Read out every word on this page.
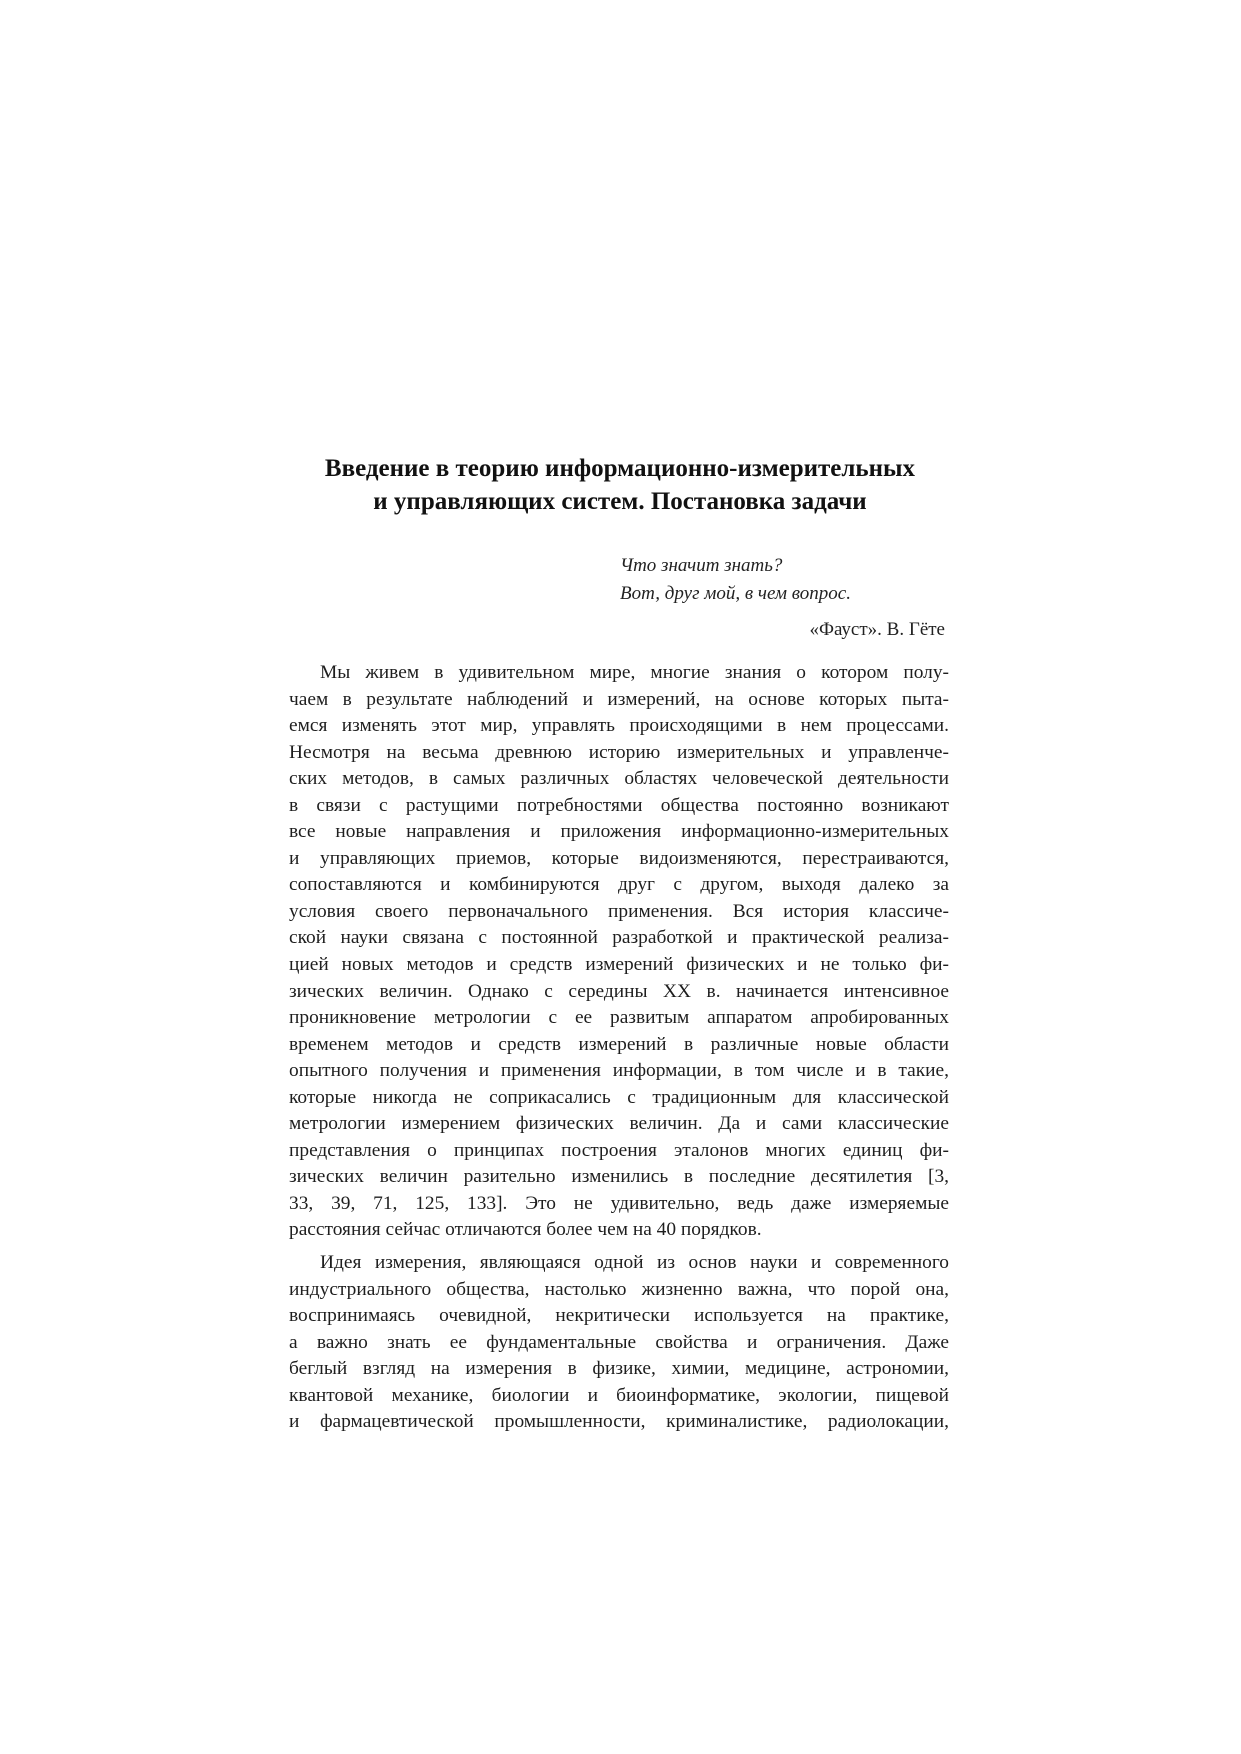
Введение в теорию информационно-измерительных
и управляющих систем. Постановка задачи
Что значит знать?
Вот, друг мой, в чем вопрос.
«Фауст». В. Гёте

Мы живем в удивительном мире, многие знания о котором полу-
чаем в результате наблюдений и измерений, на основе которых пыта-
емся изменять этот мир, управлять происходящими в нем процессами.
Несмотря на весьма древнюю историю измерительных и управленче-
ских методов, в самых различных областях человеческой деятельности
в связи с растущими потребностями общества постоянно возникают
все новые направления и приложения информационно-измерительных
и управляющих приемов, которые видоизменяются, перестраиваются,
сопоставляются и комбинируются друг с другом, выходя далеко за
условия своего первоначального применения. Вся история классиче-
ской науки связана с постоянной разработкой и практической реализа-
цией новых методов и средств измерений физических и не только фи-
зических величин. Однако с середины XX в. начинается интенсивное
проникновение метрологии с ее развитым аппаратом апробированных
временем методов и средств измерений в различные новые области
опытного получения и применения информации, в том числе и в такие,
которые никогда не соприкасались с традиционным для классической
метрологии измерением физических величин. Да и сами классические
представления о принципах построения эталонов многих единиц фи-
зических величин разительно изменились в последние десятилетия [3,
33, 39, 71, 125, 133]. Это не удивительно, ведь даже измеряемые
расстояния сейчас отличаются более чем на 40 порядков.

Идея измерения, являющаяся одной из основ науки и современного
индустриального общества, настолько жизненно важна, что порой она,
воспринимаясь очевидной, некритически используется на практике,
а важно знать ее фундаментальные свойства и ограничения. Даже
беглый взгляд на измерения в физике, химии, медицине, астрономии,
квантовой механике, биологии и биоинформатике, экологии, пищевой
и фармацевтической промышленности, криминалистике, радиолокации,
